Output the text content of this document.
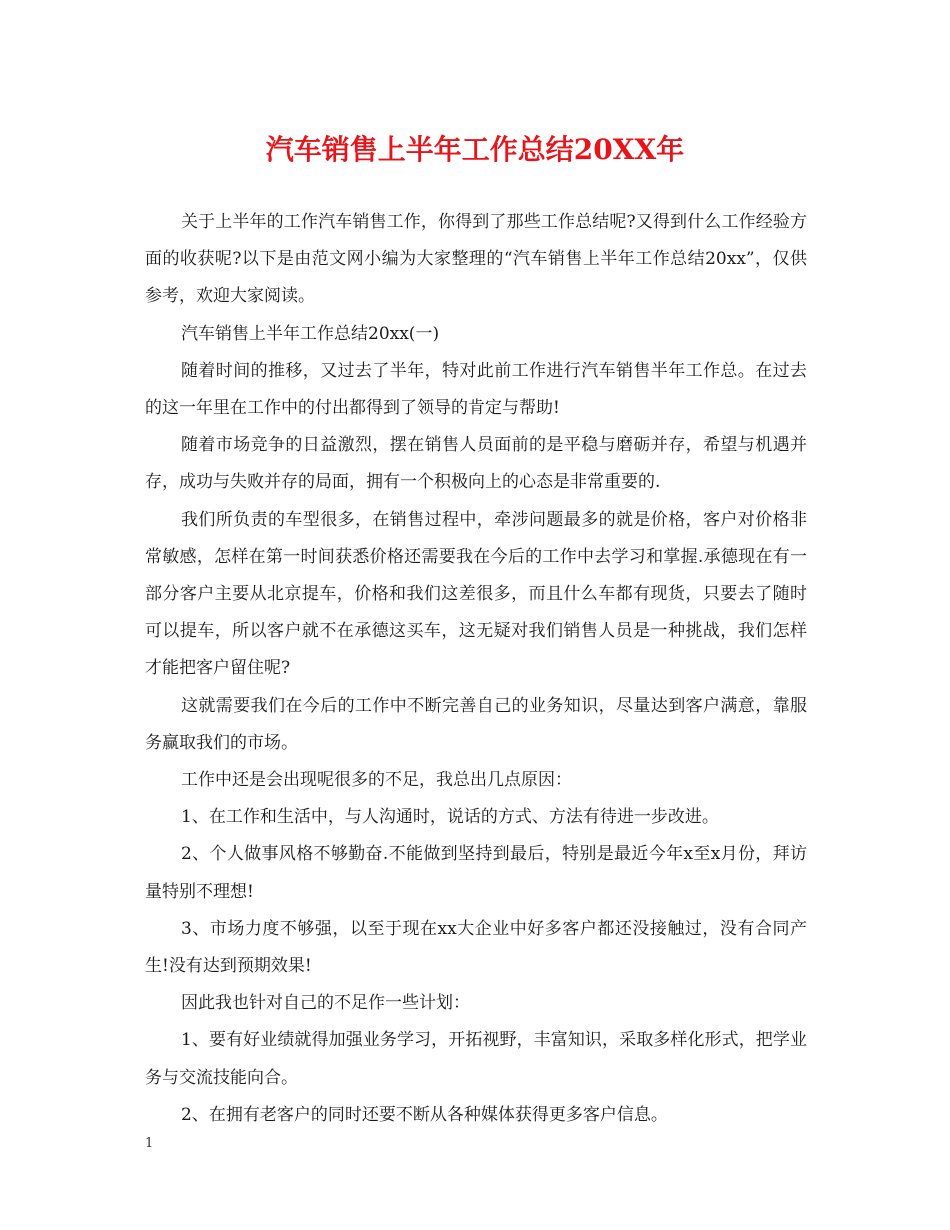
汽车销售上半年工作总结20XX年

关于上半年的工作汽车销售工作，你得到了那些工作总结呢?又得到什么工作经验方面的收获呢?以下是由范文网小编为大家整理的“汽车销售上半年工作总结20xx”，仅供参考，欢迎大家阅读。

汽车销售上半年工作总结20xx(一)

随着时间的推移，又过去了半年，特对此前工作进行汽车销售半年工作总。在过去的这一年里在工作中的付出都得到了领导的肯定与帮助!

随着市场竞争的日益激烈，摆在销售人员面前的是平稳与磨砺并存，希望与机遇并存，成功与失败并存的局面，拥有一个积极向上的心态是非常重要的.

我们所负责的车型很多，在销售过程中，牵涉问题最多的就是价格，客户对价格非常敏感，怎样在第一时间获悉价格还需要我在今后的工作中去学习和掌握.承德现在有一部分客户主要从北京提车，价格和我们这差很多，而且什么车都有现货，只要去了随时可以提车，所以客户就不在承德这买车，这无疑对我们销售人员是一种挑战，我们怎样才能把客户留住呢?

这就需要我们在今后的工作中不断完善自己的业务知识，尽量达到客户满意，靠服务赢取我们的市场。

工作中还是会出现呢很多的不足，我总出几点原因：

1、在工作和生活中，与人沟通时，说话的方式、方法有待进一步改进。

2、个人做事风格不够勤奋.不能做到坚持到最后，特别是最近今年x至x月份，拜访量特别不理想!

3、市场力度不够强，以至于现在xx大企业中好多客户都还没接触过，没有合同产生!没有达到预期效果!

因此我也针对自己的不足作一些计划：

1、要有好业绩就得加强业务学习，开拓视野，丰富知识，采取多样化形式，把学业务与交流技能向合。

2、在拥有老客户的同时还要不断从各种媒体获得更多客户信息。

1
